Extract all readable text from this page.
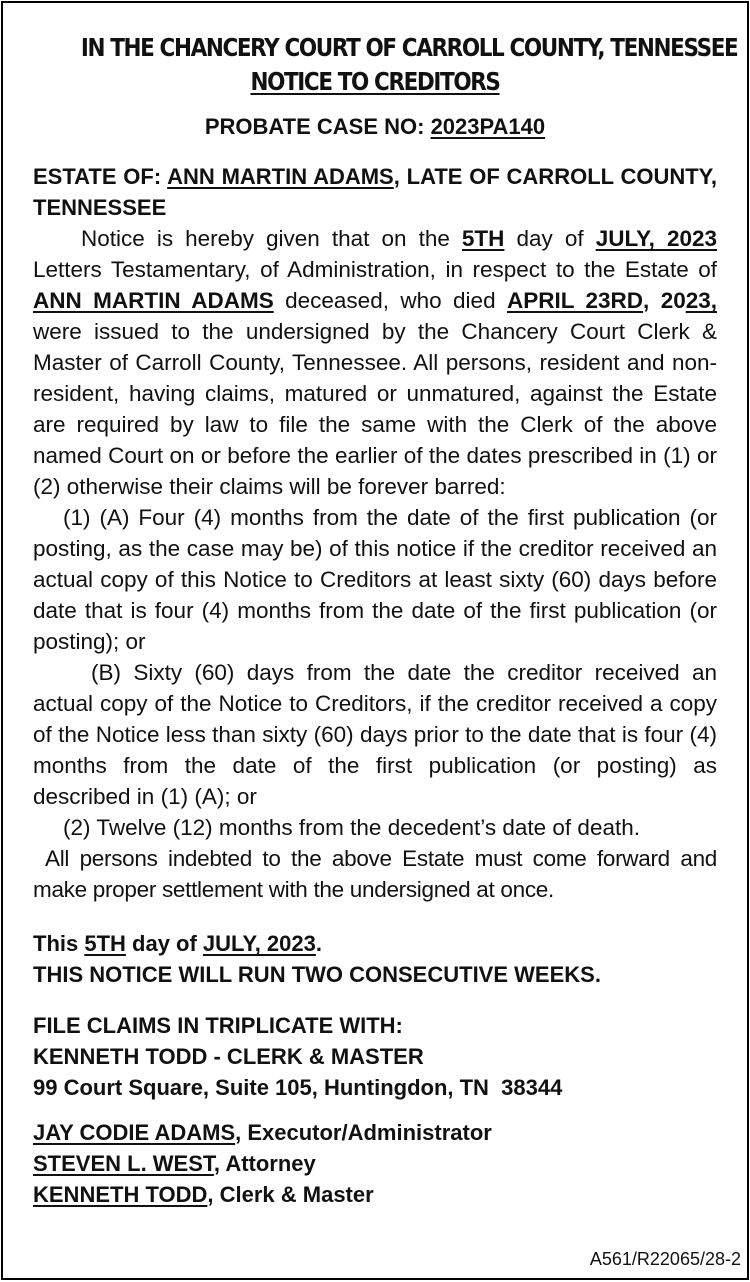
IN THE CHANCERY COURT OF CARROLL COUNTY, TENNESSEE
NOTICE TO CREDITORS
PROBATE CASE NO: 2023PA140
ESTATE OF: ANN MARTIN ADAMS, LATE OF CARROLL COUNTY, TENNESSEE

Notice is hereby given that on the 5TH day of JULY, 2023 Letters Testamentary, of Administration, in respect to the Estate of ANN MARTIN ADAMS deceased, who died APRIL 23RD, 2023, were issued to the undersigned by the Chancery Court Clerk & Master of Carroll County, Tennessee. All persons, resident and non-resident, having claims, matured or unmatured, against the Estate are required by law to file the same with the Clerk of the above named Court on or before the earlier of the dates prescribed in (1) or (2) otherwise their claims will be forever barred:

(1) (A) Four (4) months from the date of the first publication (or posting, as the case may be) of this notice if the creditor received an actual copy of this Notice to Creditors at least sixty (60) days before date that is four (4) months from the date of the first publication (or posting); or

(B) Sixty (60) days from the date the creditor received an actual copy of the Notice to Creditors, if the creditor received a copy of the Notice less than sixty (60) days prior to the date that is four (4) months from the date of the first publication (or posting) as described in (1) (A); or

(2) Twelve (12) months from the decedent’s date of death.

All persons indebted to the above Estate must come forward and make proper settlement with the undersigned at once.

This 5TH day of JULY, 2023.
THIS NOTICE WILL RUN TWO CONSECUTIVE WEEKS.
FILE CLAIMS IN TRIPLICATE WITH:
KENNETH TODD - CLERK & MASTER
99 Court Square, Suite 105, Huntingdon, TN  38344
JAY CODIE ADAMS, Executor/Administrator
STEVEN L. WEST, Attorney
KENNETH TODD, Clerk & Master
A561/R22065/28-2
